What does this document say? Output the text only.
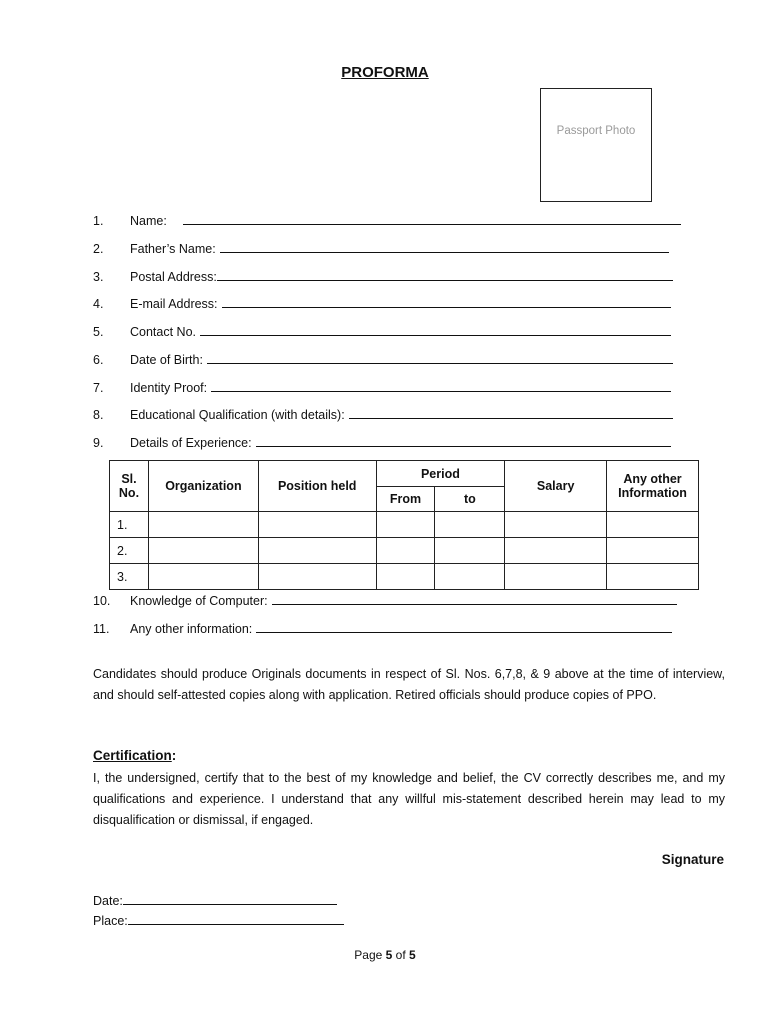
PROFORMA
Passport Photo
1.	Name:
2.	Father’s Name:
3.	Postal Address:
4.	E-mail Address:
5.	Contact No.
6.	Date of Birth:
7.	Identity Proof:
8.	Educational Qualification (with details):
9.	Details of Experience:
Sl. No.	Organization	Position held	Period		Salary	Any other Information
			From	to		
1.						
2.						
3.						
10.	Knowledge of Computer:
11.	Any other information:
Candidates should produce Originals documents in respect of Sl. Nos. 6,7,8, & 9 above at the time of interview, and should self-attested copies along with application. Retired officials should produce copies of PPO.
Certification:
I, the undersigned, certify that to the best of my knowledge and belief, the CV correctly describes me, and my qualifications and experience. I understand that any willful mis-statement described herein may lead to my disqualification or dismissal, if engaged.
Signature
Date:
Place:
Page 5 of 5
